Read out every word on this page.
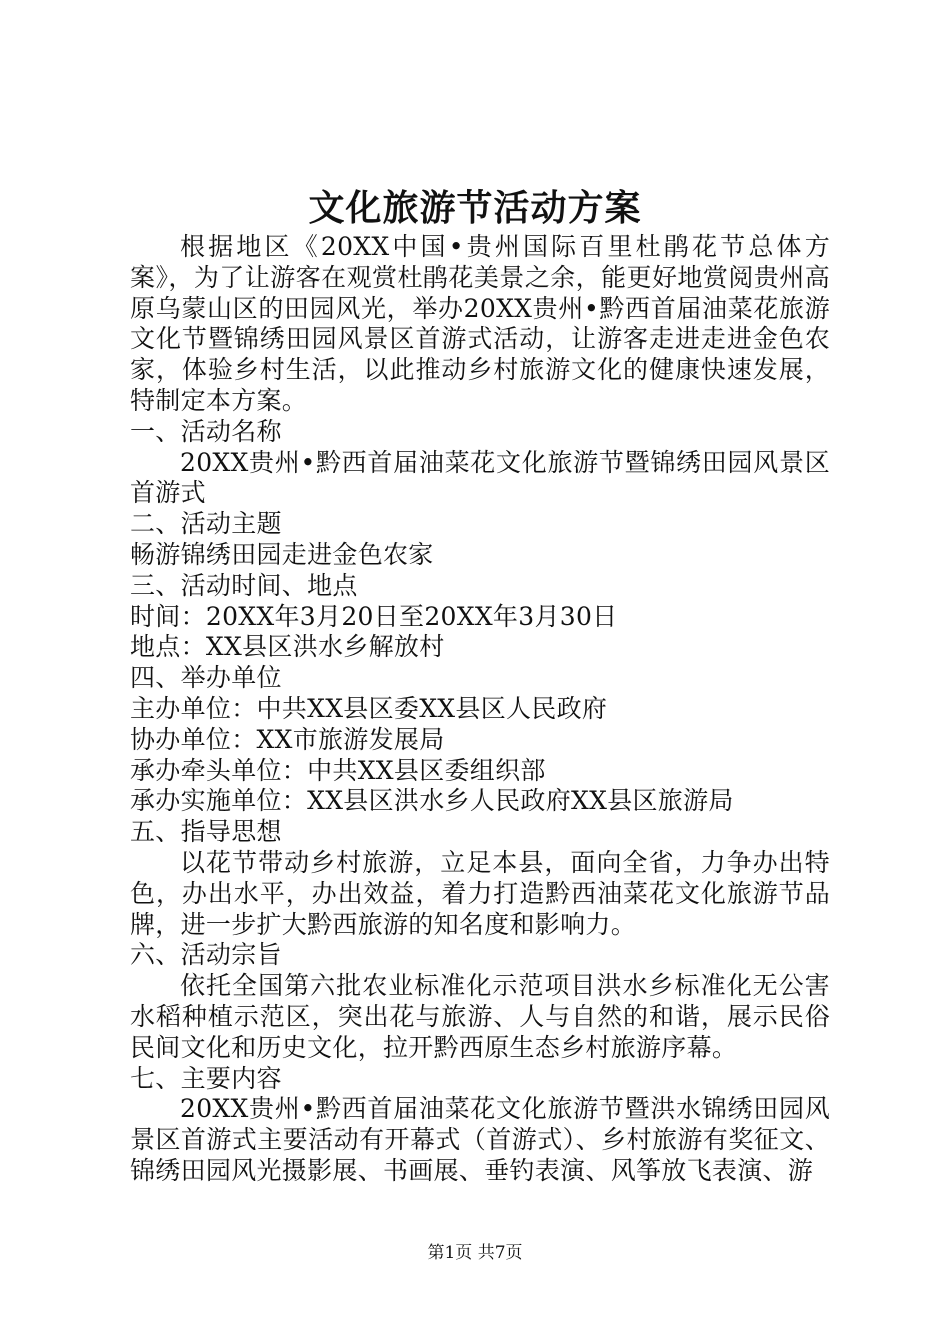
文化旅游节活动方案

根据地区《20XX中国•贵州国际百里杜鹃花节总体方案》，为了让游客在观赏杜鹃花美景之余，能更好地赏阅贵州高原乌蒙山区的田园风光，举办20XX贵州•黔西首届油菜花旅游文化节暨锦绣田园风景区首游式活动，让游客走进走进金色农家，体验乡村生活，以此推动乡村旅游文化的健康快速发展，特制定本方案。

一、活动名称

20XX贵州•黔西首届油菜花文化旅游节暨锦绣田园风景区首游式

二、活动主题

畅游锦绣田园走进金色农家

三、活动时间、地点

时间：20XX年3月20日至20XX年3月30日

地点：XX县区洪水乡解放村

四、举办单位

主办单位：中共XX县区委XX县区人民政府

协办单位：XX市旅游发展局

承办牵头单位：中共XX县区委组织部

承办实施单位：XX县区洪水乡人民政府XX县区旅游局

五、指导思想

以花节带动乡村旅游，立足本县，面向全省，力争办出特色，办出水平，办出效益，着力打造黔西油菜花文化旅游节品牌，进一步扩大黔西旅游的知名度和影响力。

六、活动宗旨

依托全国第六批农业标准化示范项目洪水乡标准化无公害水稻种植示范区，突出花与旅游、人与自然的和谐，展示民俗民间文化和历史文化，拉开黔西原生态乡村旅游序幕。

七、主要内容

20XX贵州•黔西首届油菜花文化旅游节暨洪水锦绣田园风景区首游式主要活动有开幕式（首游式）、乡村旅游有奖征文、锦绣田园风光摄影展、书画展、垂钓表演、风筝放飞表演、游

第1页 共7页
